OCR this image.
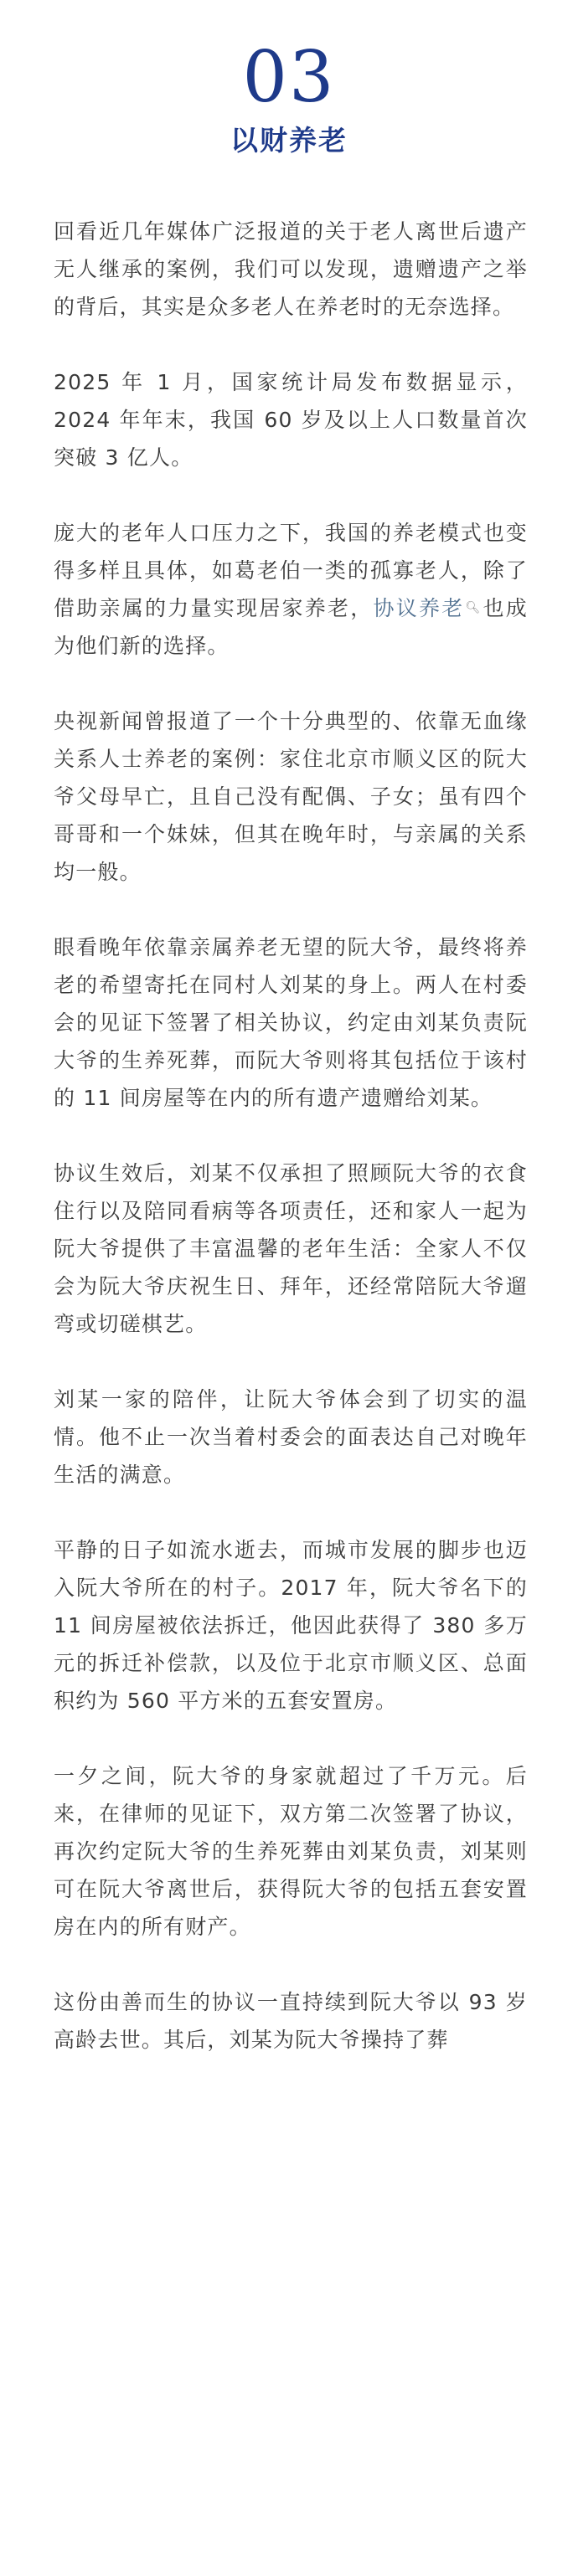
03
以财养老

回看近几年媒体广泛报道的关于老人离世后遗产无人继承的案例，我们可以发现，遗赠遗产之举的背后，其实是众多老人在养老时的无奈选择。

2025 年 1 月，国家统计局发布数据显示，2024 年年末，我国 60 岁及以上人口数量首次突破 3 亿人。

庞大的老年人口压力之下，我国的养老模式也变得多样且具体，如葛老伯一类的孤寡老人，除了借助亲属的力量实现居家养老，协议养老🔍︎也成为他们新的选择。

央视新闻曾报道了一个十分典型的、依靠无血缘关系人士养老的案例：家住北京市顺义区的阮大爷父母早亡，且自己没有配偶、子女；虽有四个哥哥和一个妹妹，但其在晚年时，与亲属的关系均一般。

眼看晚年依靠亲属养老无望的阮大爷，最终将养老的希望寄托在同村人刘某的身上。两人在村委会的见证下签署了相关协议，约定由刘某负责阮大爷的生养死葬，而阮大爷则将其包括位于该村的 11 间房屋等在内的所有遗产遗赠给刘某。

协议生效后，刘某不仅承担了照顾阮大爷的衣食住行以及陪同看病等各项责任，还和家人一起为阮大爷提供了丰富温馨的老年生活：全家人不仅会为阮大爷庆祝生日、拜年，还经常陪阮大爷遛弯或切磋棋艺。

刘某一家的陪伴，让阮大爷体会到了切实的温情。他不止一次当着村委会的面表达自己对晚年生活的满意。

平静的日子如流水逝去，而城市发展的脚步也迈入阮大爷所在的村子。2017 年，阮大爷名下的 11 间房屋被依法拆迁，他因此获得了 380 多万元的拆迁补偿款，以及位于北京市顺义区、总面积约为 560 平方米的五套安置房。

一夕之间，阮大爷的身家就超过了千万元。后来，在律师的见证下，双方第二次签署了协议，再次约定阮大爷的生养死葬由刘某负责，刘某则可在阮大爷离世后，获得阮大爷的包括五套安置房在内的所有财产。

这份由善而生的协议一直持续到阮大爷以 93 岁高龄去世。其后，刘某为阮大爷操持了葬
